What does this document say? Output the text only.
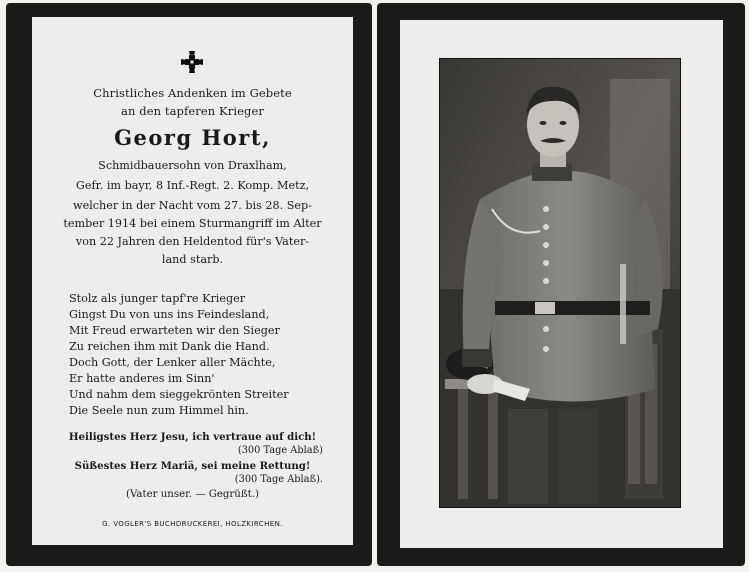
Christliches Andenken im Gebete
an den tapferen Krieger
Georg Hort,
Schmidbauersohn von Draxlham,
Gefr. im bayr, 8 Inf.-Regt. 2. Komp. Metz,
welcher in der Nacht vom 27. bis 28. Sep-
tember 1914 bei einem Sturmangriff im Alter
von 22 Jahren den Heldentod für's Vater-
land starb.
Stolz als junger tapf're Krieger
Gingst Du von uns ins Feindesland,
Mit Freud erwarteten wir den Sieger
Zu reichen ihm mit Dank die Hand.
Doch Gott, der Lenker aller Mächte,
Er hatte anderes im Sinn'
Und nahm dem sieggekrönten Streiter
Die Seele nun zum Himmel hin.
Heiligstes Herz Jesu, ich vertraue auf dich!
(300 Tage Ablaß)
Süßestes Herz Mariä, sei meine Rettung!
(300 Tage Ablaß).
(Vater unser. — Gegrüßt.)
G. VOGLER'S BUCHDRUCKEREI, HOLZKIRCHEN.
